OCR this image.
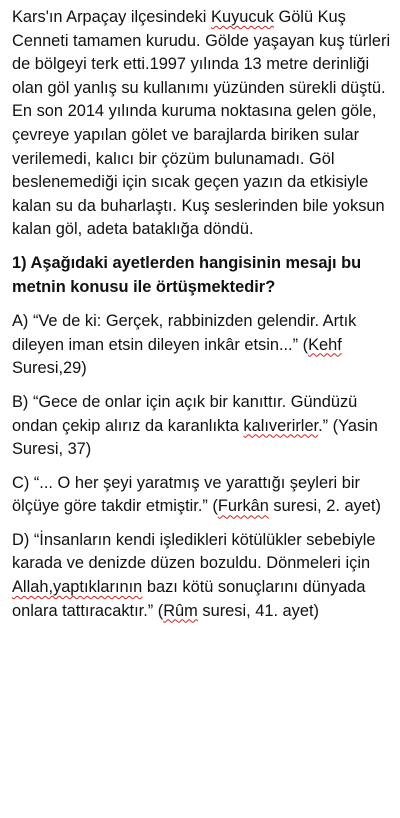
Kars'ın Arpaçay ilçesindeki Kuyucuk Gölü Kuş Cenneti tamamen kurudu. Gölde yaşayan kuş türleri de bölgeyi terk etti.1997 yılında 13 metre derinliği olan göl yanlış su kullanımı yüzünden sürekli düştü. En son 2014 yılında kuruma noktasına gelen göle, çevreye yapılan gölet ve barajlarda biriken sular verilemedi, kalıcı bir çözüm bulunamadı. Göl beslenemediği için sıcak geçen yazın da etkisiyle kalan su da buharlaştı. Kuş seslerinden bile yoksun kalan göl, adeta bataklığa döndü.

1) Aşağıdaki ayetlerden hangisinin mesajı bu metnin konusu ile örtüşmektedir?

A) “Ve de ki: Gerçek, rabbinizden gelendir. Artık dileyen iman etsin dileyen inkâr etsin...” (Kehf Suresi,29)

B) “Gece de onlar için açık bir kanıttır. Gündüzü ondan çekip alırız da karanlıkta kalıverirler.” (Yasin Suresi, 37)

C) “... O her şeyi yaratmış ve yarattığı şeyleri bir ölçüye göre takdir etmiştir.” (Furkân suresi, 2. ayet)

D) “İnsanların kendi işledikleri kötülükler sebebiyle karada ve denizde düzen bozuldu. Dönmeleri için Allah,yaptıklarının bazı kötü sonuçlarını dünyada onlara tattıracaktır.” (Rûm suresi, 41. ayet)
